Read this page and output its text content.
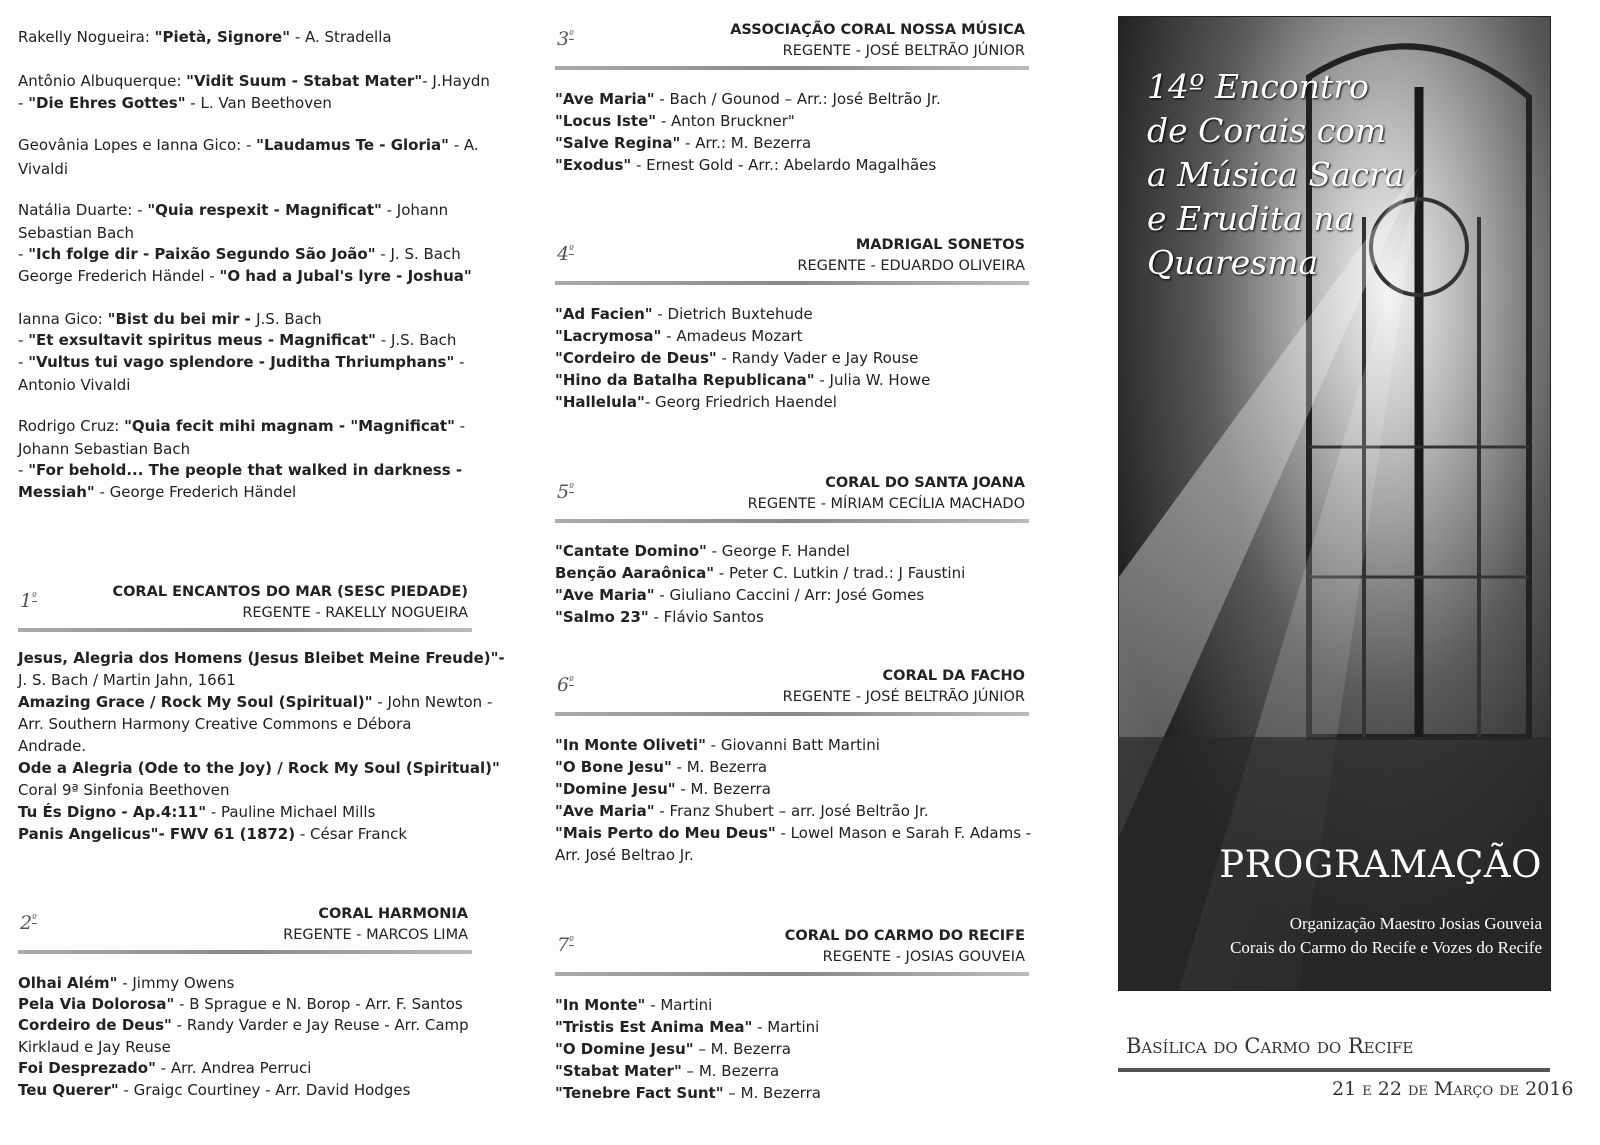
Rakelly Nogueira: "Pietà, Signore" - A. Stradella
Antônio Albuquerque: "Vidit Suum - Stabat Mater"- J.Haydn
- "Die Ehres Gottes" - L. Van Beethoven
Geovânia Lopes e Ianna Gico: - "Laudamus Te - Gloria" - A.
Vivaldi
Natália Duarte: - "Quia respexit - Magnificat" - Johann
Sebastian Bach
- "Ich folge dir - Paixão Segundo São João" - J. S. Bach
George Frederich Händel - "O had a Jubal's lyre - Joshua"
Ianna Gico: "Bist du bei mir - J.S. Bach
- "Et exsultavit spiritus meus - Magnificat" - J.S. Bach
- "Vultus tui vago splendore - Juditha Thriumphans" -
Antonio Vivaldi
Rodrigo Cruz: "Quia fecit mihi magnam - "Magnificat" -
Johann Sebastian Bach
- "For behold... The people that walked in darkness -
Messiah" - George Frederich Händel
$1^º$	CORAL ENCANTOS DO MAR (SESC PIEDADE)
REGENTE - RAKELLY NOGUEIRA
Jesus, Alegria dos Homens (Jesus Bleibet Meine Freude)"-
J. S. Bach / Martin Jahn, 1661
Amazing Grace / Rock My Soul (Spiritual)" - John Newton -
Arr. Southern Harmony Creative Commons e Débora
Andrade.
Ode a Alegria (Ode to the Joy) / Rock My Soul (Spiritual)"
Coral 9ª Sinfonia Beethoven
Tu És Digno - Ap.4:11" - Pauline Michael Mills
Panis Angelicus"- FWV 61 (1872) - César Franck
$2^º$	CORAL HARMONIA
REGENTE - MARCOS LIMA
Olhai Além" - Jimmy Owens
Pela Via Dolorosa" - B Sprague e N. Borop - Arr. F. Santos
Cordeiro de Deus" - Randy Varder e Jay Reuse - Arr. Camp
Kirklaud e Jay Reuse
Foi Desprezado" - Arr. Andrea Perruci
Teu Querer" - Graigc Courtiney - Arr. David Hodges
$3^º$	ASSOCIAÇÃO CORAL NOSSA MÚSICA
REGENTE - JOSÉ BELTRÃO JÚNIOR
"Ave Maria" - Bach / Gounod – Arr.: José Beltrão Jr.
"Locus Iste" - Anton Bruckner"
"Salve Regina" - Arr.: M. Bezerra
"Exodus" - Ernest Gold - Arr.: Abelardo Magalhães
$4^º$	MADRIGAL SONETOS
REGENTE - EDUARDO OLIVEIRA
"Ad Facien" - Dietrich Buxtehude
"Lacrymosa" - Amadeus Mozart
"Cordeiro de Deus" - Randy Vader e Jay Rouse
"Hino da Batalha Republicana" - Julia W. Howe
"Hallelula"- Georg Friedrich Haendel
$5^º$	CORAL DO SANTA JOANA
REGENTE - MÍRIAM CECÍLIA MACHADO
"Cantate Domino" - George F. Handel
Benção Aaraônica" - Peter C. Lutkin / trad.: J Faustini
"Ave Maria" - Giuliano Caccini / Arr: José Gomes
"Salmo 23" - Flávio Santos
$6^º$	CORAL DA FACHO
REGENTE - JOSÉ BELTRÃO JÚNIOR
"In Monte Oliveti" - Giovanni Batt Martini
"O Bone Jesu" - M. Bezerra
"Domine Jesu" - M. Bezerra
"Ave Maria" - Franz Shubert – arr. José Beltrão Jr.
"Mais Perto do Meu Deus" - Lowel Mason e Sarah F. Adams -
Arr. José Beltrao Jr.
$7^º$	CORAL DO CARMO DO RECIFE
REGENTE - JOSIAS GOUVEIA
"In Monte" - Martini
"Tristis Est Anima Mea" - Martini
"O Domine Jesu" – M. Bezerra
"Stabat Mater" – M. Bezerra
"Tenebre Fact Sunt" – M. Bezerra
14º Encontro
de Corais com
a Música Sacra
e Erudita na
Quaresma
PROGRAMAÇÃO
Organização Maestro Josias Gouveia
Corais do Carmo do Recife e Vozes do Recife
Basílica do Carmo do Recife
21 e 22 de Março de 2016
